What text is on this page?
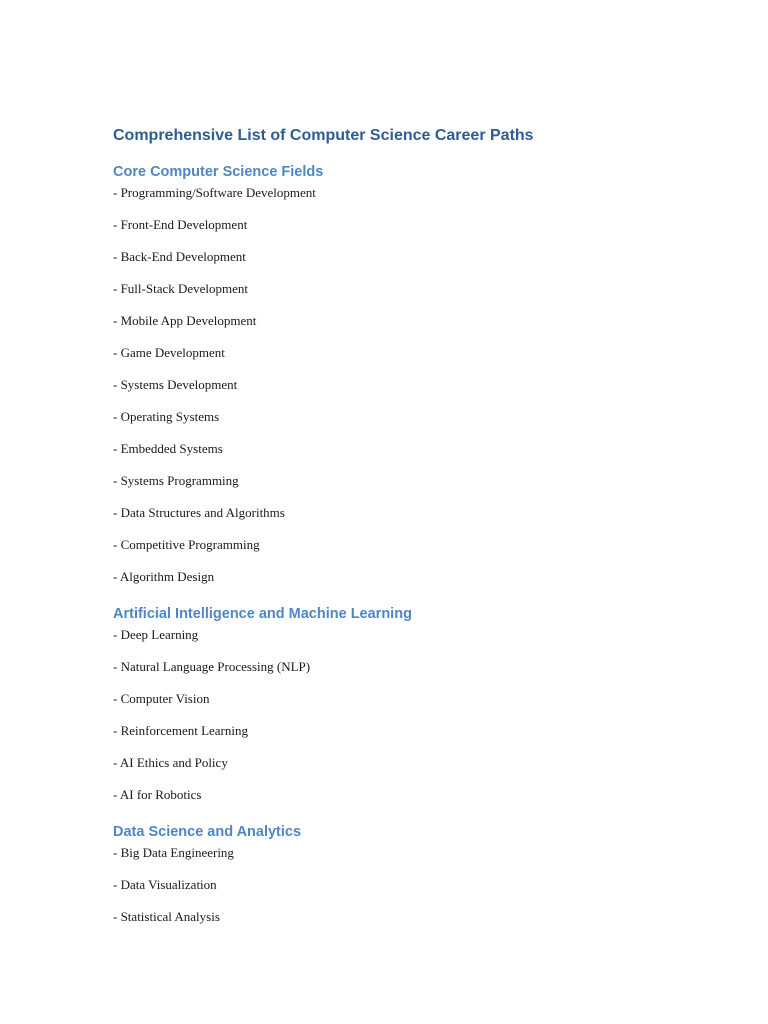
Comprehensive List of Computer Science Career Paths
Core Computer Science Fields

- Programming/Software Development

- Front-End Development

- Back-End Development

- Full-Stack Development

- Mobile App Development

- Game Development

- Systems Development

- Operating Systems

- Embedded Systems

- Systems Programming

- Data Structures and Algorithms

- Competitive Programming

- Algorithm Design

Artificial Intelligence and Machine Learning

- Deep Learning

- Natural Language Processing (NLP)

- Computer Vision

- Reinforcement Learning

- AI Ethics and Policy

- AI for Robotics

Data Science and Analytics

- Big Data Engineering

- Data Visualization

- Statistical Analysis
